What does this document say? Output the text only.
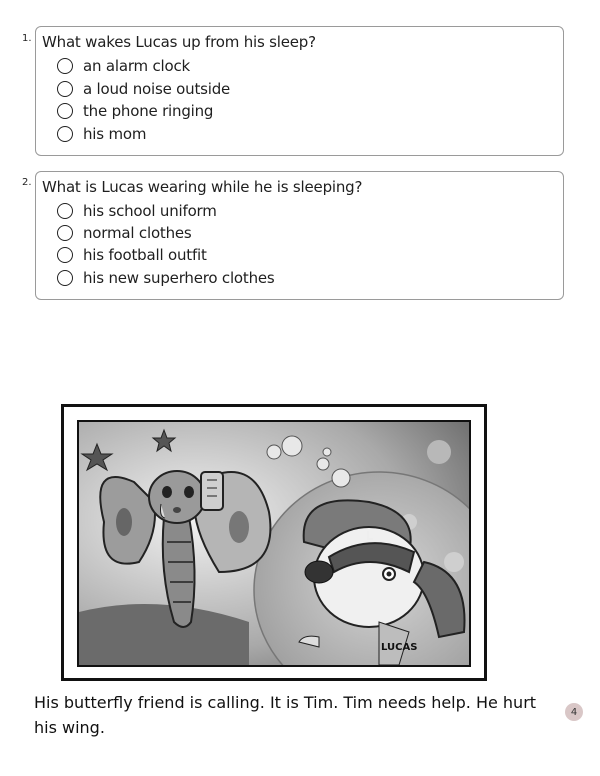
1. What wakes Lucas up from his sleep?
an alarm clock
a loud noise outside
the phone ringing
his mom
2. What is Lucas wearing while he is sleeping?
his school uniform
normal clothes
his football outfit
his new superhero clothes
L
LUCAS

His butterfly friend is calling. It is Tim. Tim needs help. He hurt his wing.

4
